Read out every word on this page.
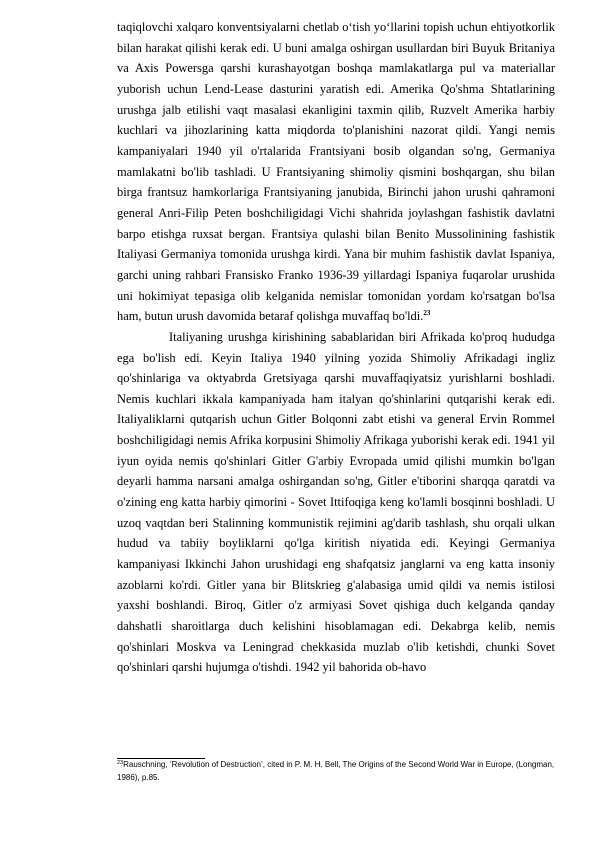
taqiqlovchi xalqaro konventsiyalarni chetlab o‘tish yo‘llarini topish uchun ehtiyotkorlik bilan harakat qilishi kerak edi. U buni amalga oshirgan usullardan biri Buyuk Britaniya va Axis Powersga qarshi kurashayotgan boshqa mamlakatlarga pul va materiallar yuborish uchun Lend-Lease dasturini yaratish edi. Amerika Qo'shma Shtatlarining urushga jalb etilishi vaqt masalasi ekanligini taxmin qilib, Ruzvelt Amerika harbiy kuchlari va jihozlarining katta miqdorda to'planishini nazorat qildi. Yangi nemis kampaniyalari 1940 yil o'rtalarida Frantsiyani bosib olgandan so'ng, Germaniya mamlakatni bo'lib tashladi. U Frantsiyaning shimoliy qismini boshqargan, shu bilan birga frantsuz hamkorlariga Frantsiyaning janubida, Birinchi jahon urushi qahramoni general Anri-Filip Peten boshchiligidagi Vichi shahrida joylashgan fashistik davlatni barpo etishga ruxsat bergan. Frantsiya qulashi bilan Benito Mussolinining fashistik Italiyasi Germaniya tomonida urushga kirdi. Yana bir muhim fashistik davlat Ispaniya, garchi uning rahbari Fransisko Franko 1936-39 yillardagi Ispaniya fuqarolar urushida uni hokimiyat tepasiga olib kelganida nemislar tomonidan yordam ko'rsatgan bo'lsa ham, butun urush davomida betaraf qolishga muvaffaq bo'ldi.$^{23}$

Italiyaning urushga kirishining sabablaridan biri Afrikada ko'proq hududga ega bo'lish edi. Keyin Italiya 1940 yilning yozida Shimoliy Afrikadagi ingliz qo'shinlariga va oktyabrda Gretsiyaga qarshi muvaffaqiyatsiz yurishlarni boshladi. Nemis kuchlari ikkala kampaniyada ham italyan qo'shinlarini qutqarishi kerak edi. Italiyaliklarni qutqarish uchun Gitler Bolqonni zabt etishi va general Ervin Rommel boshchiligidagi nemis Afrika korpusini Shimoliy Afrikaga yuborishi kerak edi. 1941 yil iyun oyida nemis qo'shinlari Gitler G'arbiy Evropada umid qilishi mumkin bo'lgan deyarli hamma narsani amalga oshirgandan so'ng, Gitler e'tiborini sharqqa qaratdi va o'zining eng katta harbiy qimorini - Sovet Ittifoqiga keng ko'lamli bosqinni boshladi. U uzoq vaqtdan beri Stalinning kommunistik rejimini ag'darib tashlash, shu orqali ulkan hudud va tabiiy boyliklarni qo'lga kiritish niyatida edi. Keyingi Germaniya kampaniyasi Ikkinchi Jahon urushidagi eng shafqatsiz janglarni va eng katta insoniy azoblarni ko'rdi. Gitler yana bir Blitskrieg g'alabasiga umid qildi va nemis istilosi yaxshi boshlandi. Biroq, Gitler o'z armiyasi Sovet qishiga duch kelganda qanday dahshatli sharoitlarga duch kelishini hisoblamagan edi. Dekabrga kelib, nemis qo'shinlari Moskva va Leningrad chekkasida muzlab o'lib ketishdi, chunki Sovet qo'shinlari qarshi hujumga o'tishdi. 1942 yil bahorida ob-havo

$^{23}$Rauschning, ‘Revolution of Destruction’, cited in P. M. H. Bell, The Origins of the Second World War in Europe, (Longman, 1986), p.85.
